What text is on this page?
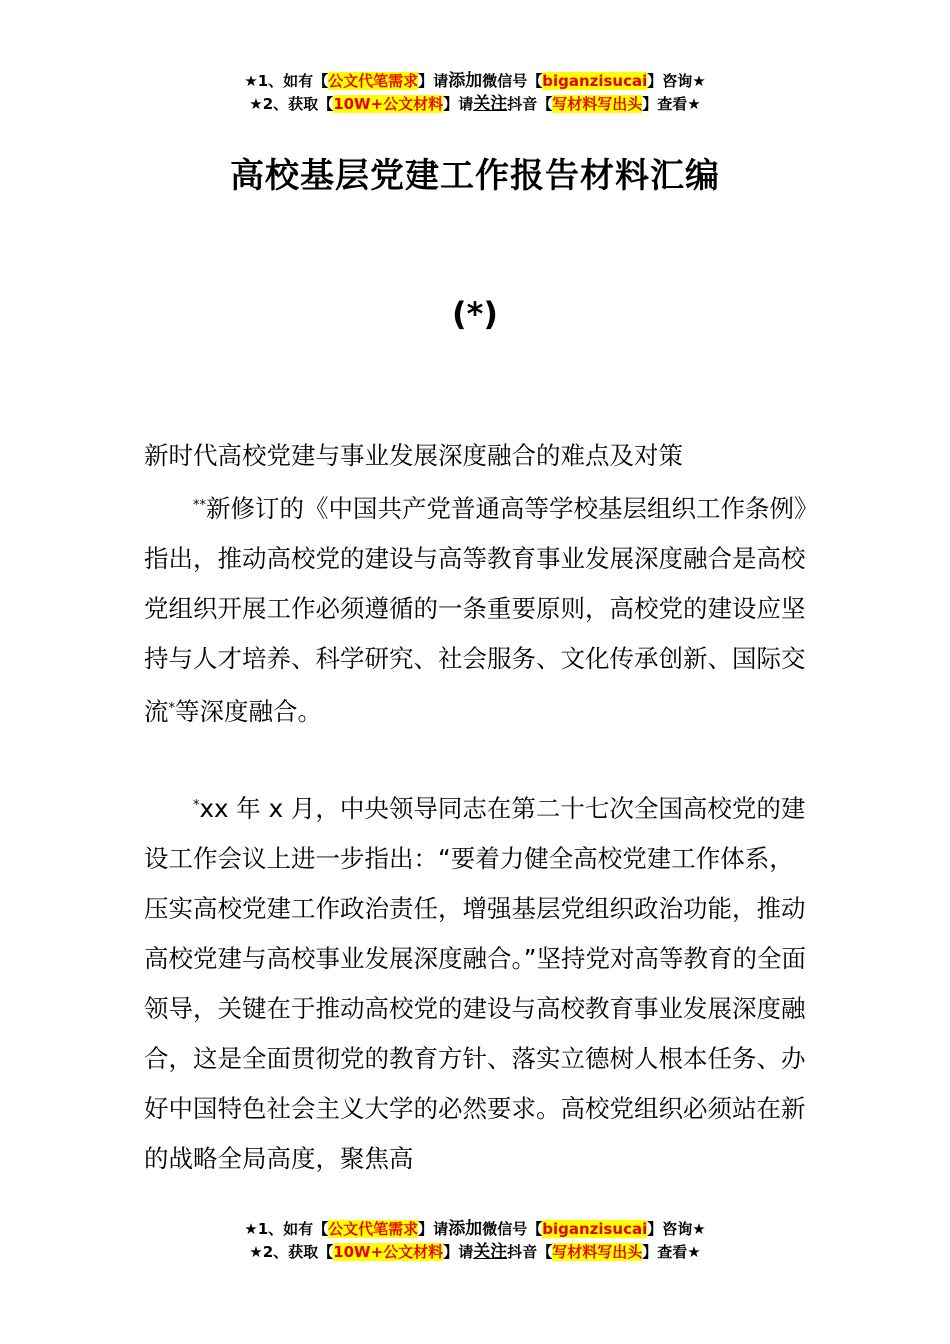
★1、如有【公文代笔需求】请添加微信号【biganzisucai】咨询★
★2、获取【10W+公文材料】请关注抖音【写材料写出头】查看★
高校基层党建工作报告材料汇编
(*)
新时代高校党建与事业发展深度融合的难点及对策

**新修订的《中国共产党普通高等学校基层组织工作条例》指出，推动高校党的建设与高等教育事业发展深度融合是高校党组织开展工作必须遵循的一条重要原则，高校党的建设应坚持与人才培养、科学研究、社会服务、文化传承创新、国际交流*等深度融合。

*xx 年 x 月，中央领导同志在第二十七次全国高校党的建设工作会议上进一步指出：“要着力健全高校党建工作体系，压实高校党建工作政治责任，增强基层党组织政治功能，推动高校党建与高校事业发展深度融合。”坚持党对高等教育的全面领导，关键在于推动高校党的建设与高校教育事业发展深度融合，这是全面贯彻党的教育方针、落实立德树人根本任务、办好中国特色社会主义大学的必然要求。高校党组织必须站在新的战略全局高度，聚焦高

★1、如有【公文代笔需求】请添加微信号【biganzisucai】咨询★
★2、获取【10W+公文材料】请关注抖音【写材料写出头】查看★
